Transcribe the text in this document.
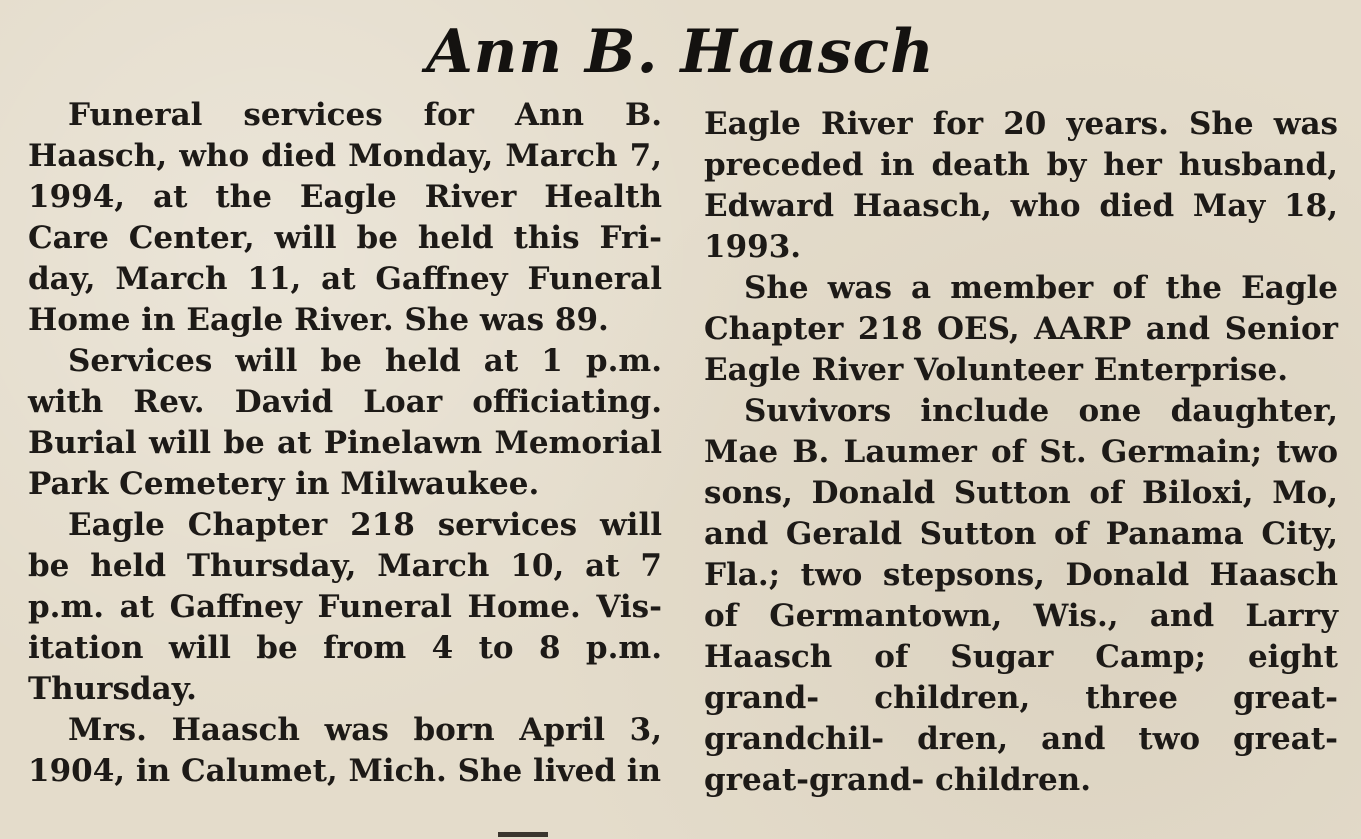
Ann B. Haasch

Funeral services for Ann B. Haasch, who died Monday, March 7, 1994, at the Eagle River Health Care Center, will be held this Fri- day, March 11, at Gaffney Funeral Home in Eagle River. She was 89.

Services will be held at 1 p.m. with Rev. David Loar officiating. Burial will be at Pinelawn Memorial Park Cemetery in Milwaukee.

Eagle Chapter 218 services will be held Thursday, March 10, at 7 p.m. at Gaffney Funeral Home. Vis- itation will be from 4 to 8 p.m. Thursday.

Mrs. Haasch was born April 3, 1904, in Calumet, Mich. She lived in

Eagle River for 20 years. She was preceded in death by her husband, Edward Haasch, who died May 18, 1993.

She was a member of the Eagle Chapter 218 OES, AARP and Senior Eagle River Volunteer Enterprise.

Suvivors include one daughter, Mae B. Laumer of St. Germain; two sons, Donald Sutton of Biloxi, Mo, and Gerald Sutton of Panama City, Fla.; two stepsons, Donald Haasch of Germantown, Wis., and Larry Haasch of Sugar Camp; eight grand- children, three great-grandchil- dren, and two great-great-grand- children.
